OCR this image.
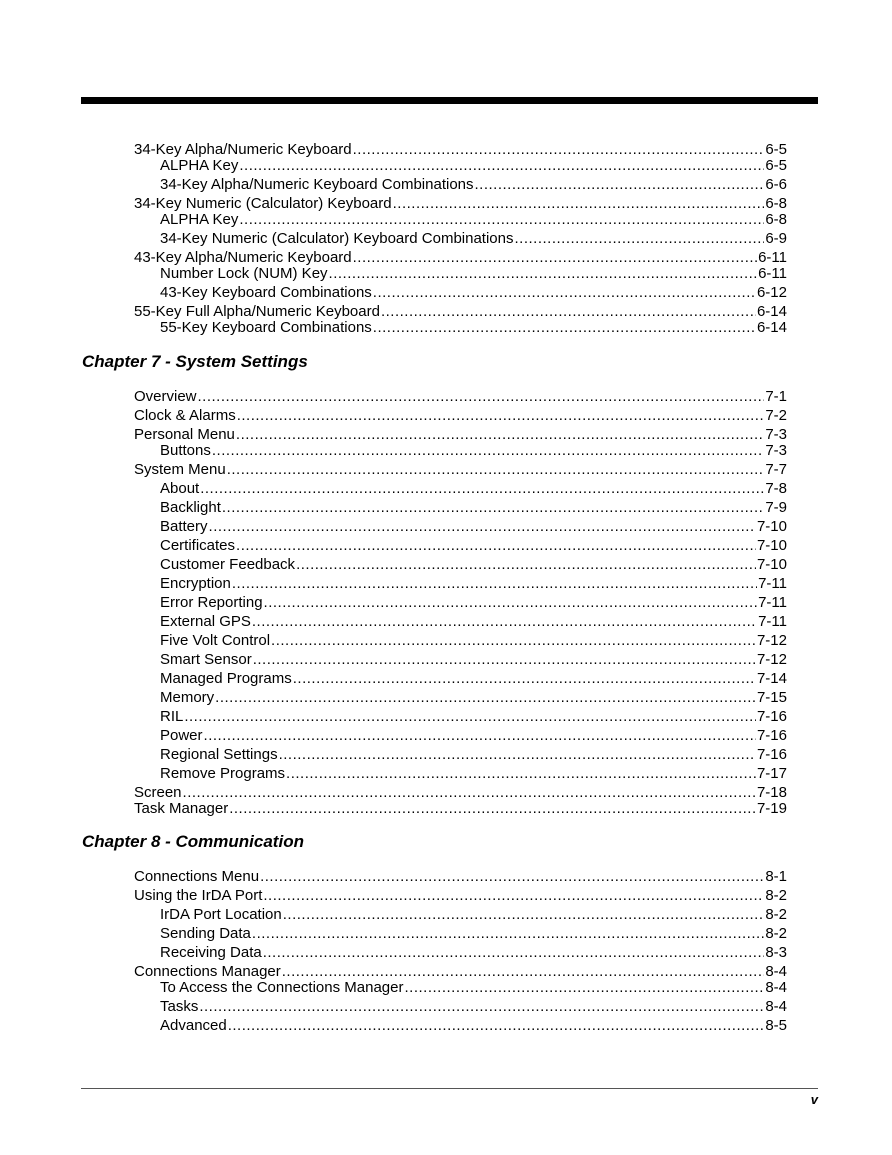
34-Key Alpha/Numeric Keyboard .....	6-5
ALPHA Key .....	6-5
34-Key Alpha/Numeric Keyboard Combinations .....	6-6
34-Key Numeric (Calculator) Keyboard .....	6-8
ALPHA Key .....	6-8
34-Key Numeric (Calculator) Keyboard Combinations .....	6-9
43-Key Alpha/Numeric Keyboard .....	6-11
Number Lock (NUM) Key .....	6-11
43-Key Keyboard Combinations .....	6-12
55-Key Full Alpha/Numeric Keyboard .....	6-14
55-Key Keyboard Combinations .....	6-14
Chapter 7 - System Settings
Overview .....	7-1
Clock & Alarms .....	7-2
Personal Menu .....	7-3
Buttons .....	7-3
System Menu .....	7-7
About .....	7-8
Backlight .....	7-9
Battery .....	7-10
Certificates .....	7-10
Customer Feedback .....	7-10
Encryption .....	7-11
Error Reporting .....	7-11
External GPS .....	7-11
Five Volt Control .....	7-12
Smart Sensor .....	7-12
Managed Programs .....	7-14
Memory .....	7-15
RIL .....	7-16
Power .....	7-16
Regional Settings .....	7-16
Remove Programs .....	7-17
Screen .....	7-18
Task Manager .....	7-19
Chapter 8 - Communication
Connections Menu .....	8-1
Using the IrDA Port .....	8-2
IrDA Port Location .....	8-2
Sending Data .....	8-2
Receiving Data .....	8-3
Connections Manager .....	8-4
To Access the Connections Manager .....	8-4
Tasks .....	8-4
Advanced .....	8-5
v
